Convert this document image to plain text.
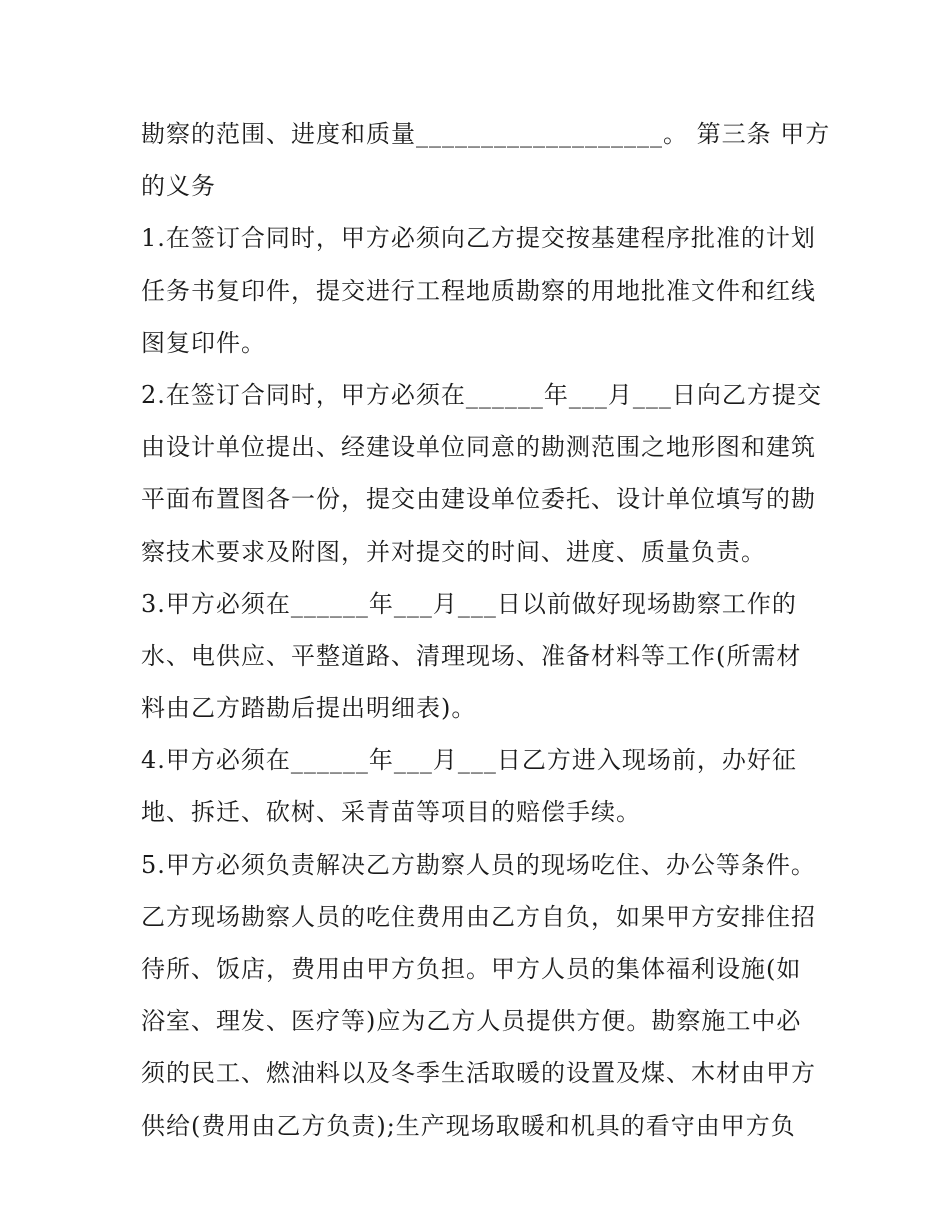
勘察的范围、进度和质量___________________。 第三条 甲方
的义务
1.在签订合同时，甲方必须向乙方提交按基建程序批准的计划
任务书复印件，提交进行工程地质勘察的用地批准文件和红线
图复印件。
2.在签订合同时，甲方必须在______年___月___日向乙方提交
由设计单位提出、经建设单位同意的勘测范围之地形图和建筑
平面布置图各一份，提交由建设单位委托、设计单位填写的勘
察技术要求及附图，并对提交的时间、进度、质量负责。
3.甲方必须在______年___月___日以前做好现场勘察工作的
水、电供应、平整道路、清理现场、准备材料等工作(所需材
料由乙方踏勘后提出明细表)。
4.甲方必须在______年___月___日乙方进入现场前，办好征
地、拆迁、砍树、采青苗等项目的赔偿手续。
5.甲方必须负责解决乙方勘察人员的现场吃住、办公等条件。
乙方现场勘察人员的吃住费用由乙方自负，如果甲方安排住招
待所、饭店，费用由甲方负担。甲方人员的集体福利设施(如
浴室、理发、医疗等)应为乙方人员提供方便。勘察施工中必
须的民工、燃油料以及冬季生活取暖的设置及煤、木材由甲方
供给(费用由乙方负责);生产现场取暖和机具的看守由甲方负
